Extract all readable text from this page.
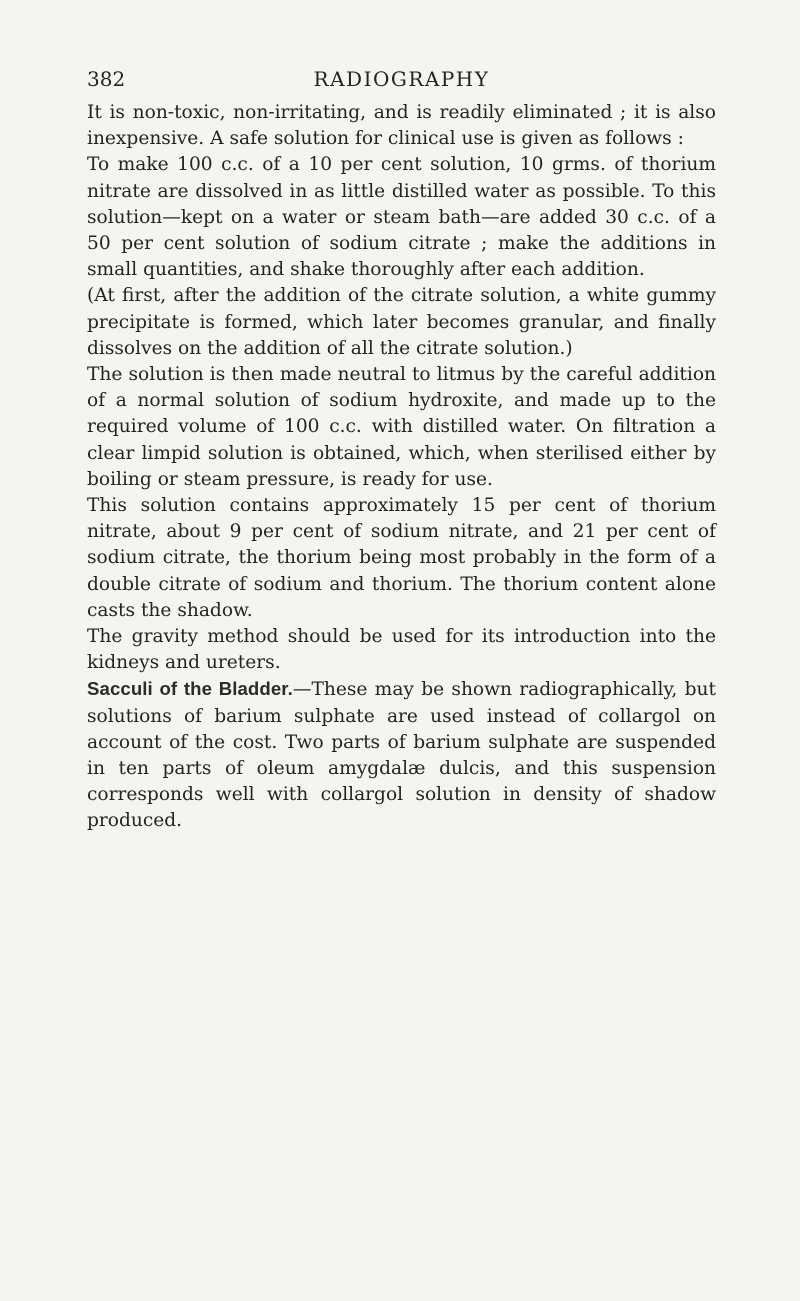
382	RADIOGRAPHY

It is non-toxic, non-irritating, and is readily eliminated ; it is also inexpensive. A safe solution for clinical use is given as follows :

To make 100 c.c. of a 10 per cent solution, 10 grms. of thorium nitrate are dissolved in as little distilled water as possible. To this solution—kept on a water or steam bath—are added 30 c.c. of a 50 per cent solution of sodium citrate ; make the additions in small quantities, and shake thoroughly after each addition.

(At first, after the addition of the citrate solution, a white gummy precipitate is formed, which later becomes granular, and finally dissolves on the addition of all the citrate solution.)

The solution is then made neutral to litmus by the careful addition of a normal solution of sodium hydroxite, and made up to the required volume of 100 c.c. with distilled water. On filtration a clear limpid solution is obtained, which, when sterilised either by boiling or steam pressure, is ready for use.

This solution contains approximately 15 per cent of thorium nitrate, about 9 per cent of sodium nitrate, and 21 per cent of sodium citrate, the thorium being most probably in the form of a double citrate of sodium and thorium. The thorium content alone casts the shadow.

The gravity method should be used for its introduction into the kidneys and ureters.

Sacculi of the Bladder.—These may be shown radiographically, but solutions of barium sulphate are used instead of collargol on account of the cost. Two parts of barium sulphate are suspended in ten parts of oleum amygdalæ dulcis, and this suspension corresponds well with collargol solution in density of shadow produced.
